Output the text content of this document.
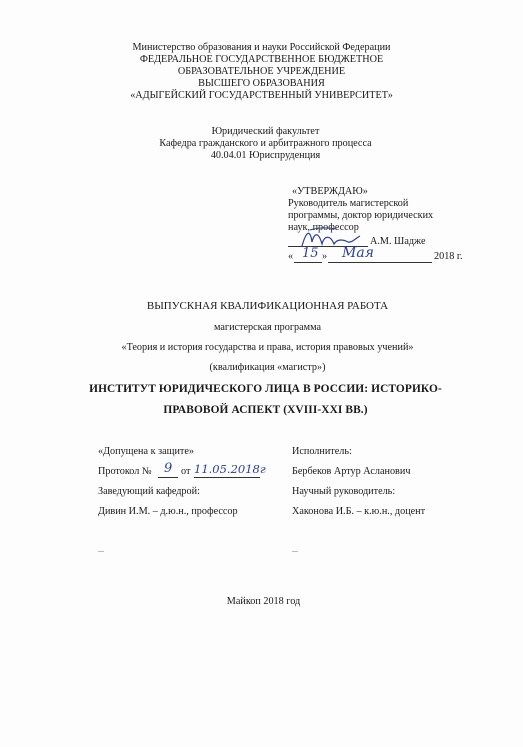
Министерство образования и науки Российской Федерации
ФЕДЕРАЛЬНОЕ ГОСУДАРСТВЕННОЕ БЮДЖЕТНОЕ
ОБРАЗОВАТЕЛЬНОЕ УЧРЕЖДЕНИЕ
ВЫСШЕГО ОБРАЗОВАНИЯ
«АДЫГЕЙСКИЙ ГОСУДАРСТВЕННЫЙ УНИВЕРСИТЕТ»
Юридический факультет
Кафедра гражданского и арбитражного процесса
40.04.01 Юриспруденция
«УТВЕРЖДАЮ»
Руководитель магистерской
программы, доктор юридических
наук, профессор
А.М. Шадже
« 15 » Мая	2018 г.
ВЫПУСКНАЯ КВАЛИФИКАЦИОННАЯ РАБОТА
магистерская программа
«Теория и история государства и права, история правовых учений»
(квалификация «магистр»)
ИНСТИТУТ ЮРИДИЧЕСКОГО ЛИЦА В РОССИИ: ИСТОРИКО-
ПРАВОВОЙ АСПЕКТ (XVIII-XXI ВВ.)
«Допущена к защите»
Протокол № 9 от 11.05.2018г
Заведующий кафедрой:
Дивин И.М. – д.ю.н., профессор
Исполнитель:
Бербеков Артур Асланович
Научный руководитель:
Хаконова И.Б. – к.ю.н., доцент
Майкоп 2018 год
